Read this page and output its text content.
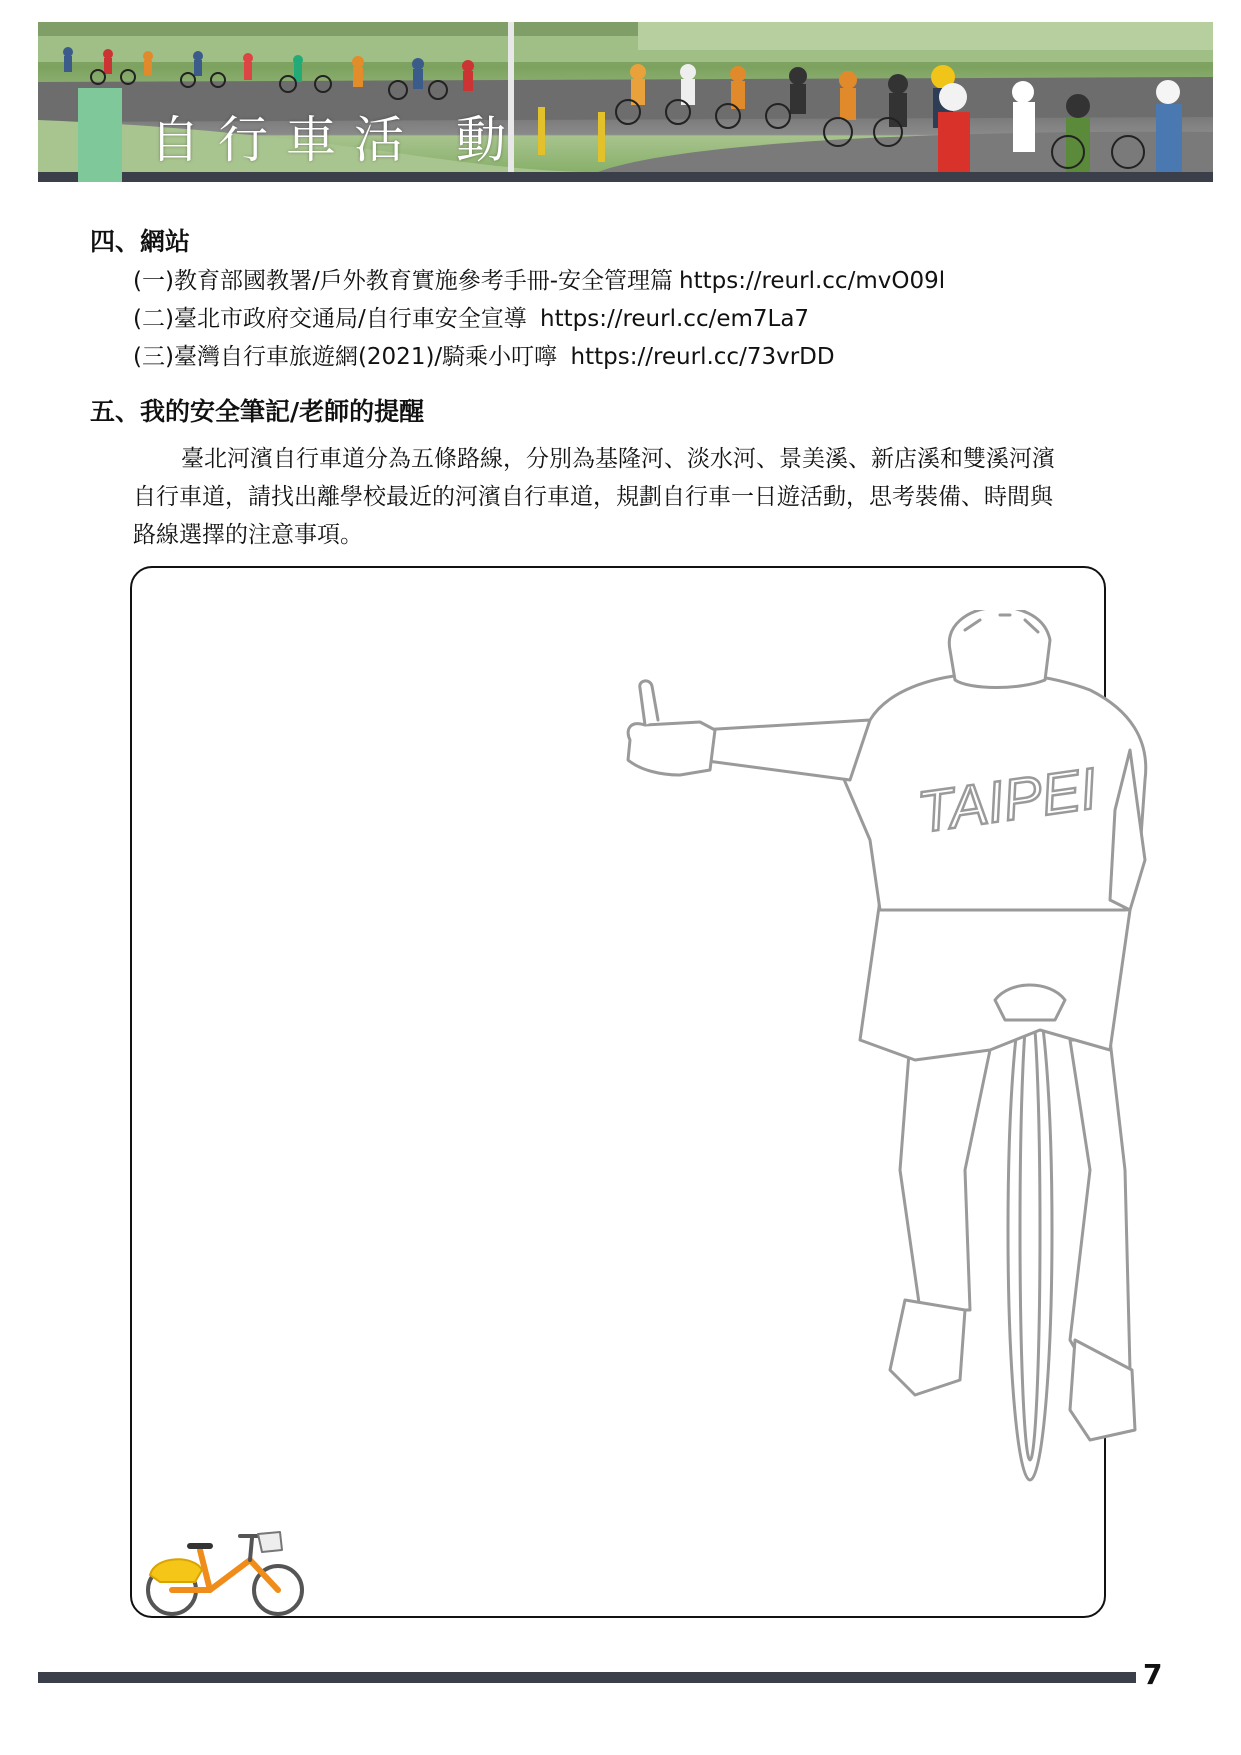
自行車活 動
四、網站
(一)教育部國教署/戶外教育實施參考手冊-安全管理篇 https://reurl.cc/mvO09l
(二)臺北市政府交通局/自行車安全宣導 https://reurl.cc/em7La7
(三)臺灣自行車旅遊網(2021)/騎乘小叮嚀 https://reurl.cc/73vrDD
五、我的安全筆記/老師的提醒

臺北河濱自行車道分為五條路線，分別為基隆河、淡水河、景美溪、新店溪和雙溪河濱

自行車道，請找出離學校最近的河濱自行車道，規劃自行車一日遊活動，思考裝備、時間與

路線選擇的注意事項。

TAIPEI
7
